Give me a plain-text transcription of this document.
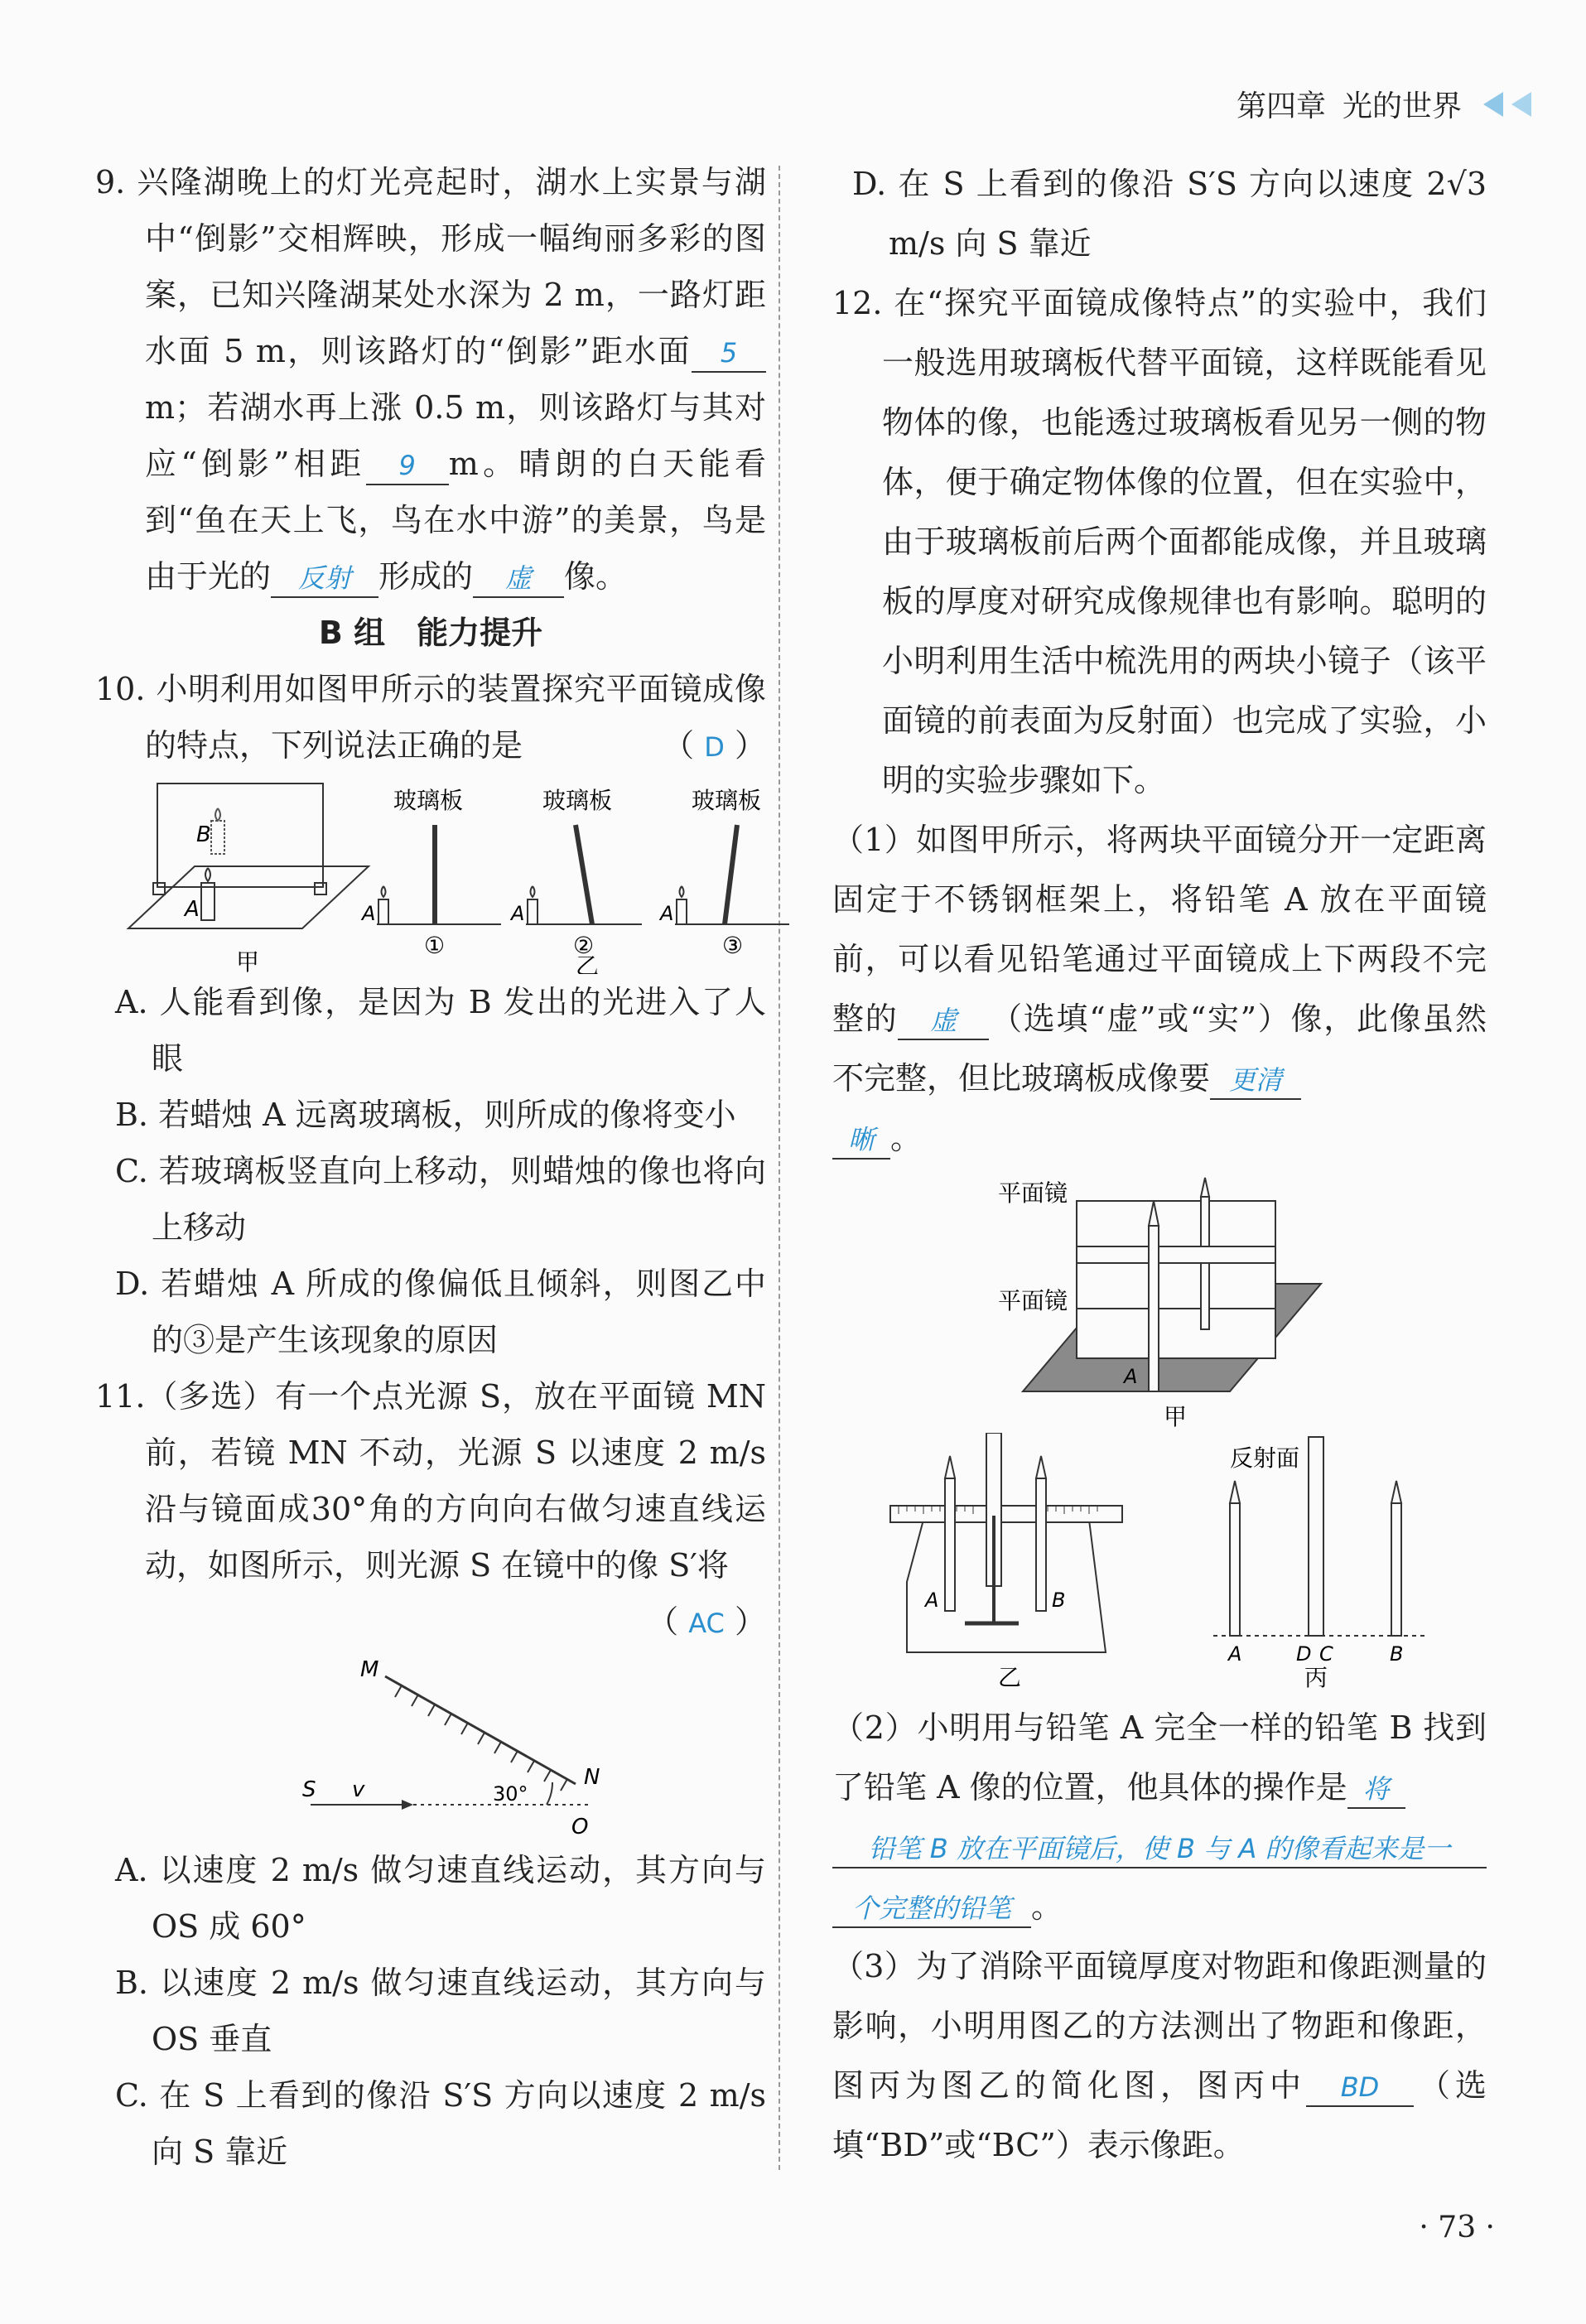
第四章 光的世界

9. 兴隆湖晚上的灯光亮起时，湖水上实景与湖中“倒影”交相辉映，形成一幅绚丽多彩的图案，已知兴隆湖某处水深为 2 m，一路灯距水面 5 m，则该路灯的“倒影”距水面 5m；若湖水再上涨 0.5 m，则该路灯与其对应“倒影”相距 9 m。晴朗的白天能看到“鱼在天上飞，鸟在水中游”的美景，鸟是由于光的 反射 形成的 虚 像。

B 组　能力提升

10. 小明利用如图甲所示的装置探究平面镜成像的特点，下列说法正确的是	（ D ）

B
A
甲
玻璃板
A
①
玻璃板
A
②
乙
玻璃板
A
③

A. 人能看到像，是因为 B 发出的光进入了人眼

B. 若蜡烛 A 远离玻璃板，则所成的像将变小

C. 若玻璃板竖直向上移动，则蜡烛的像也将向上移动

D. 若蜡烛 A 所成的像偏低且倾斜，则图乙中的③是产生该现象的原因

11.（多选）有一个点光源 S，放在平面镜 MN 前，若镜 MN 不动，光源 S 以速度 2 m/s 沿与镜面成30°角的方向向右做匀速直线运动，如图所示，则光源 S 在镜中的像 S′将
（ AC ）

M
N
O
S v	30°

A. 以速度 2 m/s 做匀速直线运动，其方向与 OS 成 60°

B. 以速度 2 m/s 做匀速直线运动，其方向与 OS 垂直

C. 在 S 上看到的像沿 S′S 方向以速度 2 m/s 向 S 靠近

D. 在 S 上看到的像沿 S′S 方向以速度 2√3 m/s 向 S 靠近

12. 在“探究平面镜成像特点”的实验中，我们一般选用玻璃板代替平面镜，这样既能看见物体的像，也能透过玻璃板看见另一侧的物体，便于确定物体像的位置，但在实验中，由于玻璃板前后两个面都能成像，并且玻璃板的厚度对研究成像规律也有影响。聪明的小明利用生活中梳洗用的两块小镜子（该平面镜的前表面为反射面）也完成了实验，小明的实验步骤如下。

（1）如图甲所示，将两块平面镜分开一定距离固定于不锈钢框架上，将铅笔 A 放在平面镜前，可以看见铅笔通过平面镜成上下两段不完整的 虚 （选填“虚”或“实”）像，此像虽然不完整，但比玻璃板成像要 更清
晰 。

平面镜
平面镜
A
甲
A	B
乙
反射面
A	D C	B
丙

（2）小明用与铅笔 A 完全一样的铅笔 B 找到了铅笔 A 像的位置，他具体的操作是 将
铅笔 B 放在平面镜后，使 B 与 A 的像看起来是一
个完整的铅笔 。

（3）为了消除平面镜厚度对物距和像距测量的影响，小明用图乙的方法测出了物距和像距，图丙为图乙的简化图，图丙中 BD （选填“BD”或“BC”）表示像距。

· 73 ·
